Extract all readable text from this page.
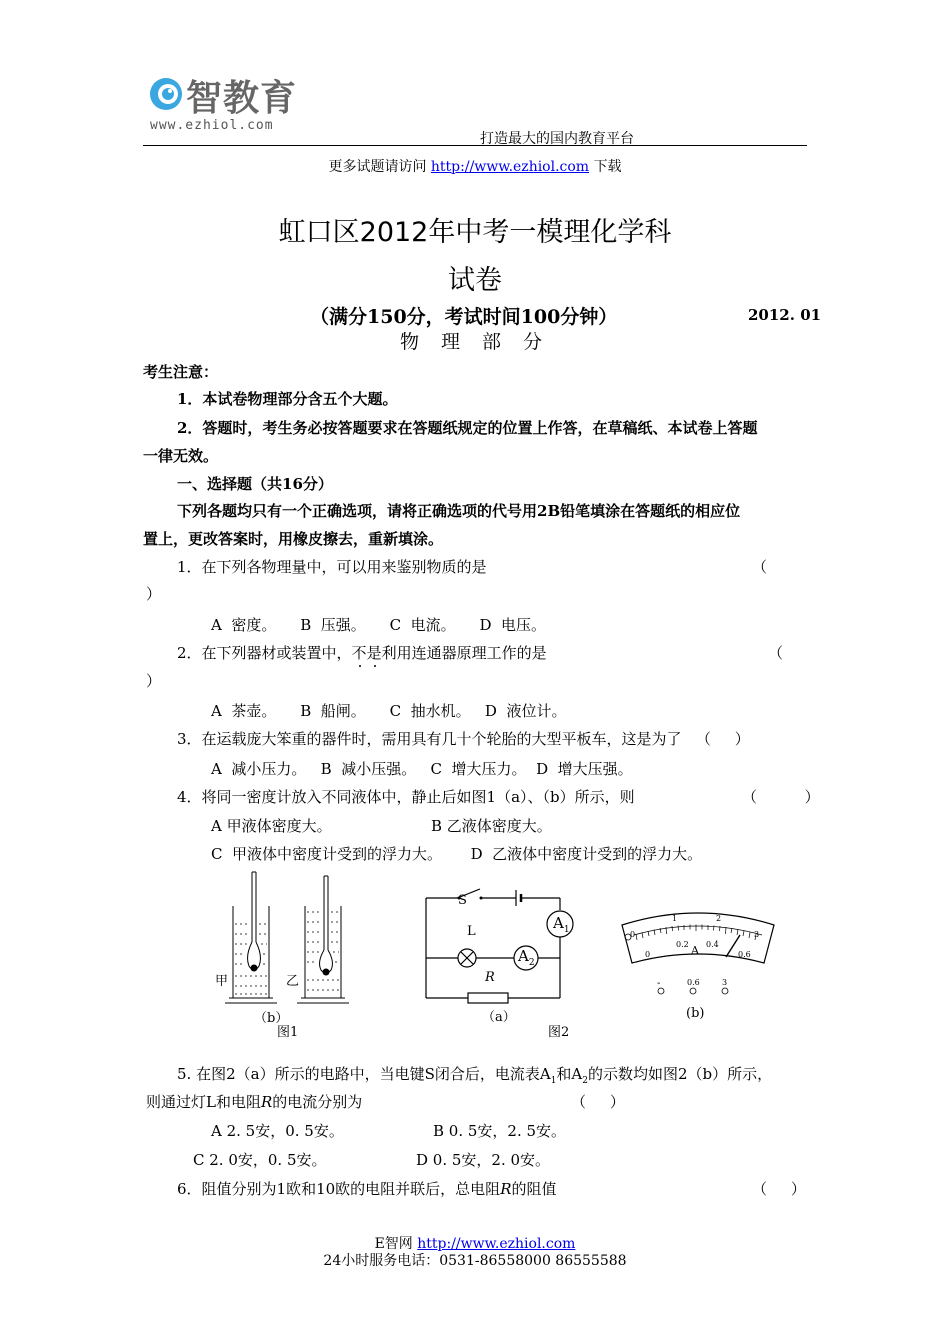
智教育
www.ezhiol.com
打造最大的国内教育平台
更多试题请访问 http://www.ezhiol.com 下载
虹口区2012年中考一模理化学科
试卷
（满分150分，考试时间100分钟）	2012. 01
物 理 部 分
考生注意：
1．本试卷物理部分含五个大题。
2．答题时，考生务必按答题要求在答题纸规定的位置上作答，在草稿纸、本试卷上答题
一律无效。
一、选择题（共16分）
下列各题均只有一个正确选项，请将正确选项的代号用2B铅笔填涂在答题纸的相应位
置上，更改答案时，用橡皮擦去，重新填涂。
1．在下列各物理量中，可以用来鉴别物质的是	（
）
A  密度。     B  压强。     C  电流。     D  电压。
2．在下列器材或装置中，不是利用连通器原理工作的是	（
）
A  茶壶。     B  船闸。     C  抽水机。   D  液位计。
3．在运载庞大笨重的器件时，需用具有几十个轮胎的大型平板车，这是为了   （     ）
A  减小压力。   B  减小压强。   C  增大压力。  D  增大压强。
4．将同一密度计放入不同液体中，静止后如图1（a）、（b）所示，则	（          ）
A 甲液体密度大。	B 乙液体密度大。
C  甲液体中密度计受到的浮力大。      D  乙液体中密度计受到的浮力大。
甲	乙
（b）
图1
S
L
R
$A_1$
$A_2$
（a）
图2
0
1	2
3
0
0.2 0.4
0.6
A
-	0.6	3
(b)
5. 在图2（a）所示的电路中，当电键S闭合后，电流表$A_1$和$A_2$的示数均如图2（b）所示，
则通过灯L和电阻R的电流分别为	（     ）
A 2. 5安，0. 5安。	B 0. 5安，2. 5安。
C 2. 0安，0. 5安。	D 0. 5安，2. 0安。
6．阻值分别为1欧和10欧的电阻并联后，总电阻R的阻值	（     ）
E智网 http://www.ezhiol.com
24小时服务电话：0531-86558000 86555588
